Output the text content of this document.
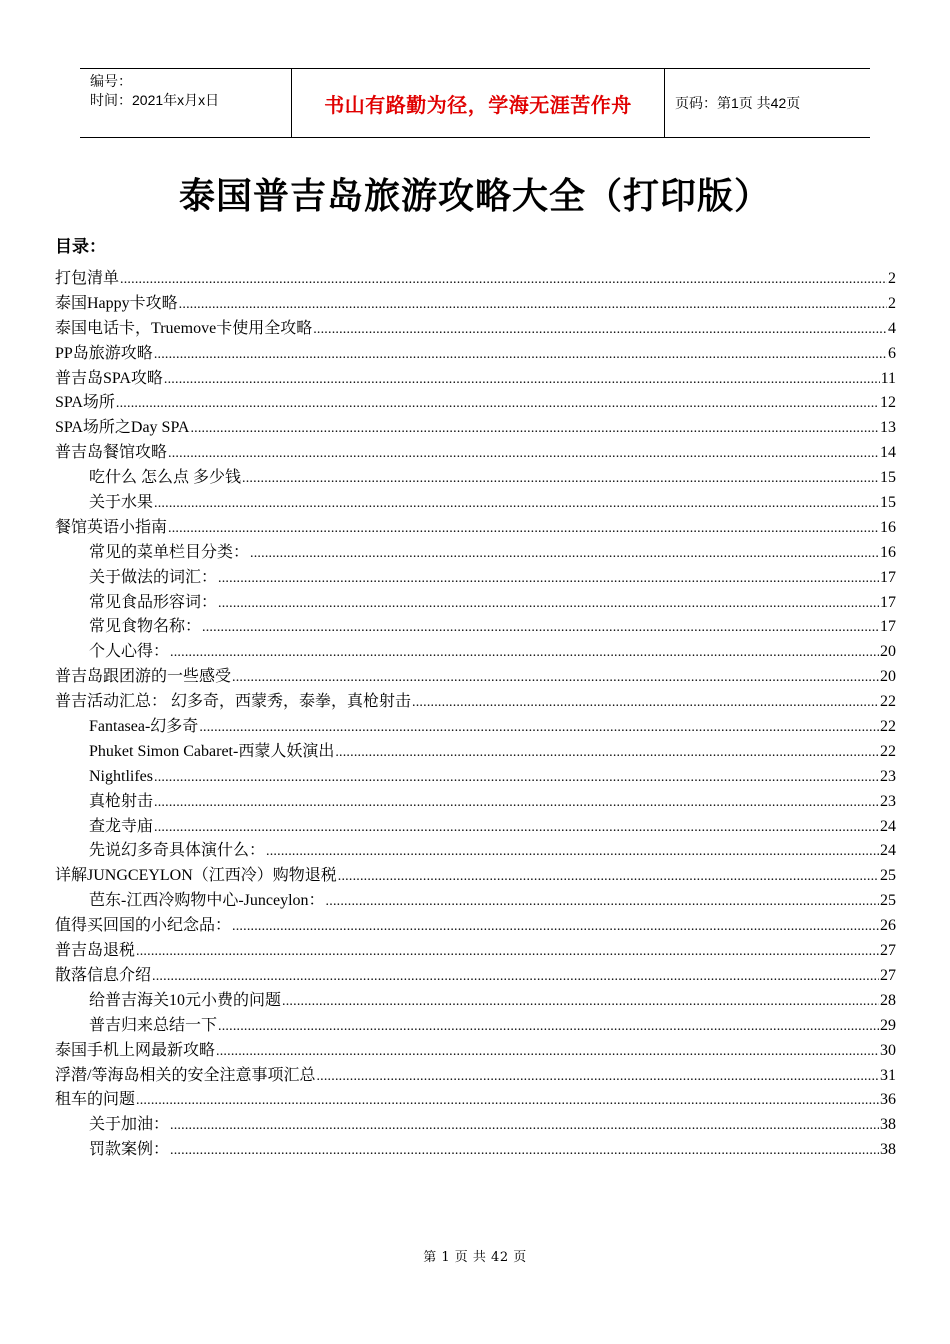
编号：
时间：2021年x月x日	书山有路勤为径，学海无涯苦作舟	页码：第1页 共42页
泰国普吉岛旅游攻略大全（打印版）
目录：
打包清单 .....	2
泰国Happy卡攻略 .....	2
泰国电话卡，Truemove卡使用全攻略 .....	4
PP岛旅游攻略 .....	6
普吉岛SPA攻略 .....	11
SPA场所 .....	12
SPA场所之Day SPA .....	13
普吉岛餐馆攻略 .....	14
吃什么 怎么点 多少钱 .....	15
关于水果 .....	15
餐馆英语小指南 .....	16
常见的菜单栏目分类： .....	16
关于做法的词汇： .....	17
常见食品形容词： .....	17
常见食物名称： .....	17
个人心得： .....	20
普吉岛跟团游的一些感受 .....	20
普吉活动汇总： 幻多奇，西蒙秀，泰拳，真枪射击 .....	22
Fantasea-幻多奇 .....	22
Phuket Simon Cabaret-西蒙人妖演出 .....	22
Nightlifes .....	23
真枪射击 .....	23
查龙寺庙 .....	24
先说幻多奇具体演什么： .....	24
详解JUNGCEYLON（江西冷）购物退税 .....	25
芭东-江西冷购物中心-Junceylon： .....	25
值得买回国的小纪念品： .....	26
普吉岛退税 .....	27
散落信息介绍 .....	27
给普吉海关10元小费的问题 .....	28
普吉归来总结一下 .....	29
泰国手机上网最新攻略 .....	30
浮潜/等海岛相关的安全注意事项汇总 .....	31
租车的问题 .....	36
关于加油： .....	38
罚款案例： .....	38
第 1 页 共 42 页
